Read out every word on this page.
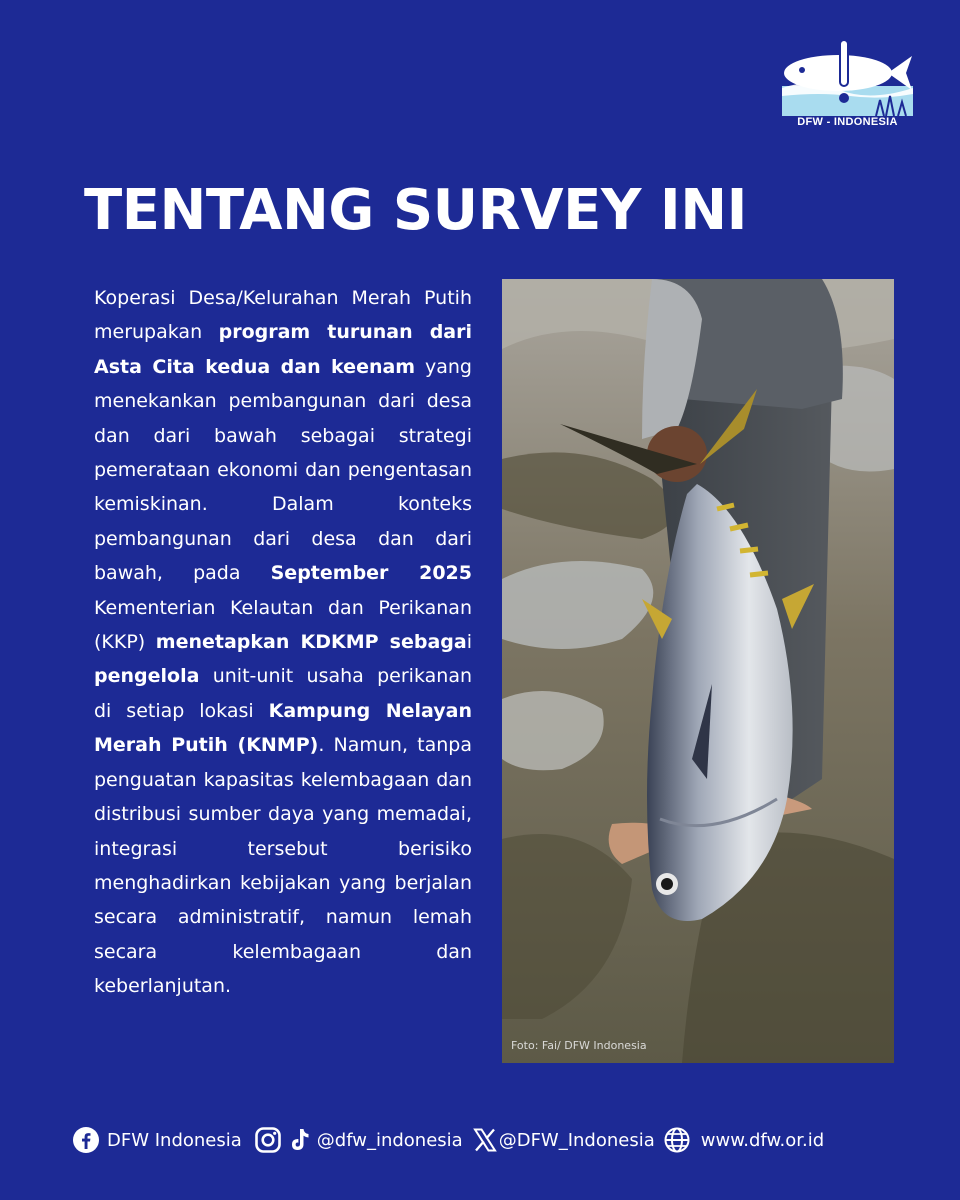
DFW - INDONESIA
TENTANG SURVEY INI

Koperasi Desa/Kelurahan Merah Putih merupakan program turunan dari Asta Cita kedua dan keenam yang menekankan pembangunan dari desa dan dari bawah sebagai strategi pemerataan ekonomi dan pengentasan kemiskinan. Dalam konteks pembangunan dari desa dan dari bawah, pada September 2025 Kementerian Kelautan dan Perikanan (KKP) menetapkan KDKMP sebagai pengelola unit-unit usaha perikanan di setiap lokasi Kampung Nelayan Merah Putih (KNMP). Namun, tanpa penguatan kapasitas kelembagaan dan distribusi sumber daya yang memadai, integrasi tersebut berisiko menghadirkan kebijakan yang berjalan secara administratif, namun lemah secara kelembagaan dan keberlanjutan.

Foto: Fai/ DFW Indonesia
DFW Indonesia	@dfw_indonesia @DFW_Indonesia	www.dfw.or.id
